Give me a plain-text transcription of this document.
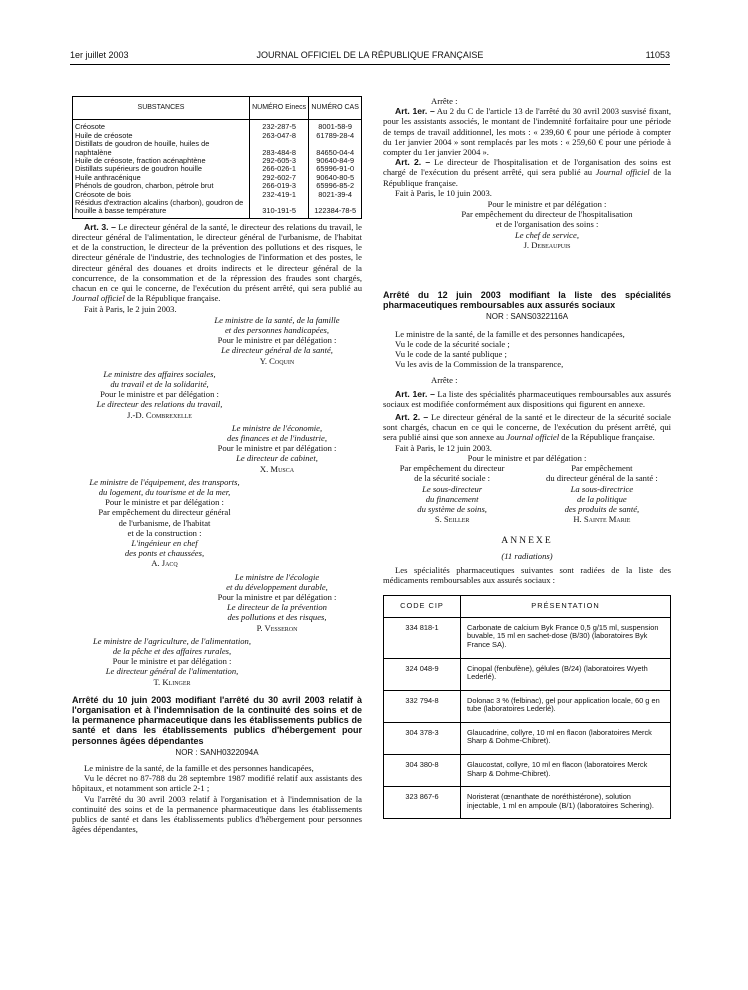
1er juillet 2003	JOURNAL OFFICIEL DE LA RÉPUBLIQUE FRANÇAISE	11053
SUBSTANCES	NUMÉRO Einecs	NUMÉRO CAS
Créosote	232-287-5	8001-58-9
Huile de créosote	263-047-8	61789-28-4
Distillats de goudron de houille, huiles de naphtalène	283-484-8	84650-04-4
Huile de créosote, fraction acénaphtène	292-605-3	90640-84-9
Distillats supérieurs de goudron houille	266-026-1	65996-91-0
Huile anthracénique	292-602-7	90640-80-5
Phénols de goudron, charbon, pétrole brut	266-019-3	65996-85-2
Créosote de bois	232-419-1	8021-39-4
Résidus d'extraction alcalins (charbon), goudron de houille à basse température	310-191-5	122384-78-5

Art. 3. – Le directeur général de la santé, le directeur des relations du travail, le directeur général de l'alimentation, le directeur général de l'urbanisme, de l'habitat et de la construction, le directeur de la prévention des pollutions et des risques, le directeur générale de l'industrie, des technologies de l'information et des postes, le directeur général des douanes et droits indirects et le directeur général de la concurrence, de la consommation et de la répression des fraudes sont chargés, chacun en ce qui le concerne, de l'exécution du présent arrêté, qui sera publié au Journal officiel de la République française.

Fait à Paris, le 2 juin 2003.

Le ministre de la santé, de la famille
et des personnes handicapées,
Pour le ministre et par délégation :
Le directeur général de la santé,
Y. Coquin
Le ministre des affaires sociales,
du travail et de la solidarité,
Pour le ministre et par délégation :
Le directeur des relations du travail,
J.-D. Combrexelle
Le ministre de l'économie,
des finances et de l'industrie,
Pour le ministre et par délégation :
Le directeur de cabinet,
X. Musca
Le ministre de l'équipement, des transports,
du logement, du tourisme et de la mer,
Pour le ministre et par délégation :
Par empêchement du directeur général
de l'urbanisme, de l'habitat
et de la construction :
L'ingénieur en chef
des ponts et chaussées,
A. Jacq
Le ministre de l'écologie
et du développement durable,
Pour la ministre et par délégation :
Le directeur de la prévention
des pollutions et des risques,
P. Vesseron
Le ministre de l'agriculture, de l'alimentation,
de la pêche et des affaires rurales,
Pour le ministre et par délégation :
Le directeur général de l'alimentation,
T. Klinger
Arrêté du 10 juin 2003 modifiant l'arrêté du 30 avril 2003 relatif à l'organisation et à l'indemnisation de la continuité des soins et de la permanence pharmaceutique dans les établissements publics de santé et dans les établissements publics d'hébergement pour personnes âgées dépendantes
NOR : SANH0322094A

Le ministre de la santé, de la famille et des personnes handicapées,

Vu le décret no 87-788 du 28 septembre 1987 modifié relatif aux assistants des hôpitaux, et notamment son article 2-1 ;

Vu l'arrêté du 30 avril 2003 relatif à l'organisation et à l'indemnisation de la continuité des soins et de la permanence pharmaceutique dans les établissements publics de santé et dans les établissements publics d'hébergement pour personnes âgées dépendantes,

Arrête :

Art. 1er. – Au 2 du C de l'article 13 de l'arrêté du 30 avril 2003 susvisé fixant, pour les assistants associés, le montant de l'indemnité forfaitaire pour une période de temps de travail additionnel, les mots : « 239,60 € pour une période à compter du 1er janvier 2004 » sont remplacés par les mots : « 259,60 € pour une période à compter du 1er janvier 2004 ».

Art. 2. – Le directeur de l'hospitalisation et de l'organisation des soins est chargé de l'exécution du présent arrêté, qui sera publié au Journal officiel de la République française.

Fait à Paris, le 10 juin 2003.

Pour le ministre et par délégation :
Par empêchement du directeur de l'hospitalisation
et de l'organisation des soins :
Le chef de service,
J. Debeaupuis
Arrêté du 12 juin 2003 modifiant la liste des spécialités pharmaceutiques remboursables aux assurés sociaux
NOR : SANS0322116A

Le ministre de la santé, de la famille et des personnes handicapées,

Vu le code de la sécurité sociale ;

Vu le code de la santé publique ;

Vu les avis de la Commission de la transparence,

Arrête :

Art. 1er. – La liste des spécialités pharmaceutiques remboursables aux assurés sociaux est modifiée conformément aux dispositions qui figurent en annexe.

Art. 2. – Le directeur général de la santé et le directeur de la sécurité sociale sont chargés, chacun en ce qui le concerne, de l'exécution du présent arrêté, qui sera publié ainsi que son annexe au Journal officiel de la République française.

Fait à Paris, le 12 juin 2003.

Pour le ministre et par délégation :

Par empêchement du directeur
de la sécurité sociale :
Le sous-directeur
du financement
du système de soins,
S. Seiller
Par empêchement
du directeur général de la santé :
La sous-directrice
de la politique
des produits de santé,
H. Sainte Marie
ANNEXE

(11 radiations)

Les spécialités pharmaceutiques suivantes sont radiées de la liste des médicaments remboursables aux assurés sociaux :

CODE CIP	PRÉSENTATION
334 818-1	Carbonate de calcium Byk France 0,5 g/15 ml, suspension buvable, 15 ml en sachet-dose (B/30) (laboratoires Byk France SA).
324 048-9	Cinopal (fenbufène), gélules (B/24) (laboratoires Wyeth Lederlé).
332 794-8	Dolonac 3 % (felbinac), gel pour application locale, 60 g en tube (laboratoires Lederlé).
304 378-3	Glaucadrine, collyre, 10 ml en flacon (laboratoires Merck Sharp & Dohme-Chibret).
304 380-8	Glaucostat, collyre, 10 ml en flacon (laboratoires Merck Sharp & Dohme-Chibret).
323 867-6	Noristerat (œnanthate de noréthistérone), solution injectable, 1 ml en ampoule (B/1) (laboratoires Schering).
